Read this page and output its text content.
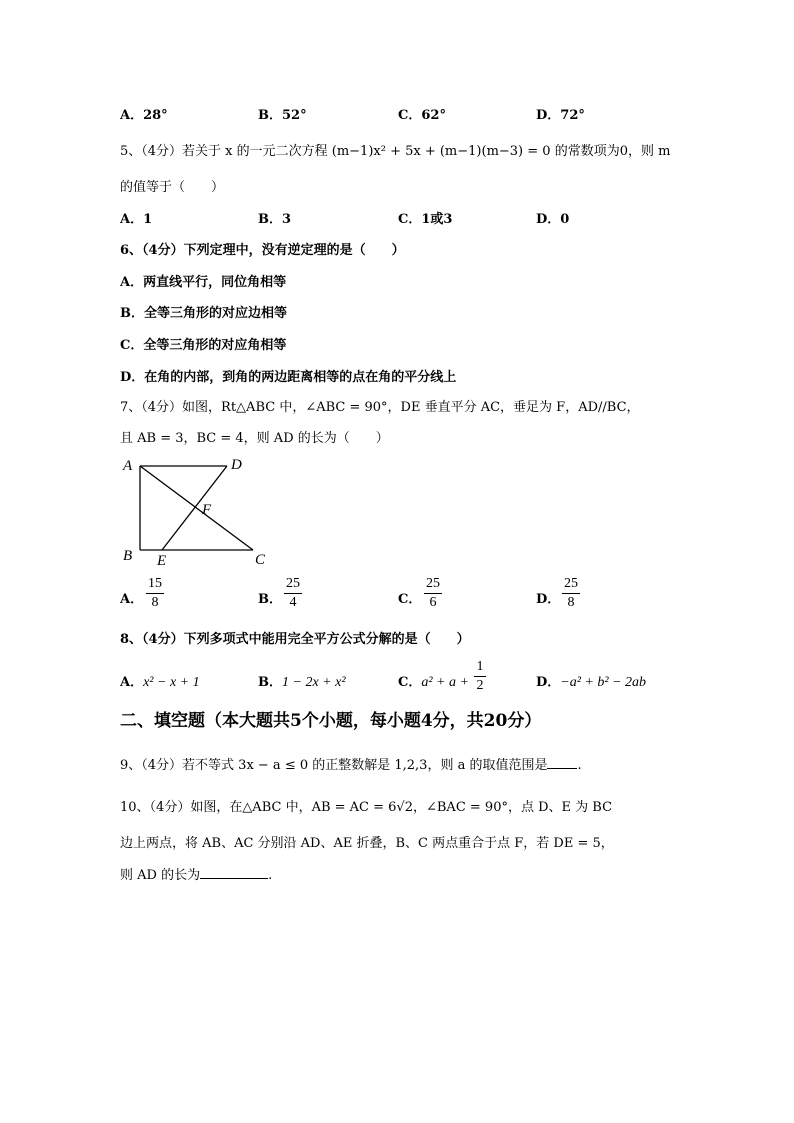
A．28°	B．52°	C．62°	D．72°
5、（4分）若关于 x 的一元二次方程 (m−1)x² + 5x + (m−1)(m−3) = 0 的常数项为0，则 m
的值等于（　　）
A．1	B．3	C．1或3	D．0
6、（4分）下列定理中，没有逆定理的是（　　）
A．两直线平行，同位角相等
B．全等三角形的对应边相等
C．全等三角形的对应角相等
D．在角的内部，到角的两边距离相等的点在角的平分线上
7、（4分）如图，Rt△ABC 中，∠ABC = 90°，DE 垂直平分 AC，垂足为 F，AD//BC，
且 AB = 3，BC = 4，则 AD 的长为（　　）
A	D
F
B E	C
A．
15
8	B．
25
4	C．
25
6	D．
25
8
8、（4分）下列多项式中能用完全平方公式分解的是（　　）
A．x² − x + 1	B．1 − 2x + x²	C．a² + a +
1
2	D．−a² + b² − 2ab
二、填空题（本大题共5个小题，每小题4分，共20分）
9、（4分）若不等式 3x − a ≤ 0 的正整数解是 1,2,3，则 a 的取值范围是 .
10、（4分）如图，在△ABC 中，AB = AC = 6√2，∠BAC = 90°，点 D、E 为 BC
边上两点，将 AB、AC 分别沿 AD、AE 折叠，B、C 两点重合于点 F，若 DE = 5，
则 AD 的长为	.
